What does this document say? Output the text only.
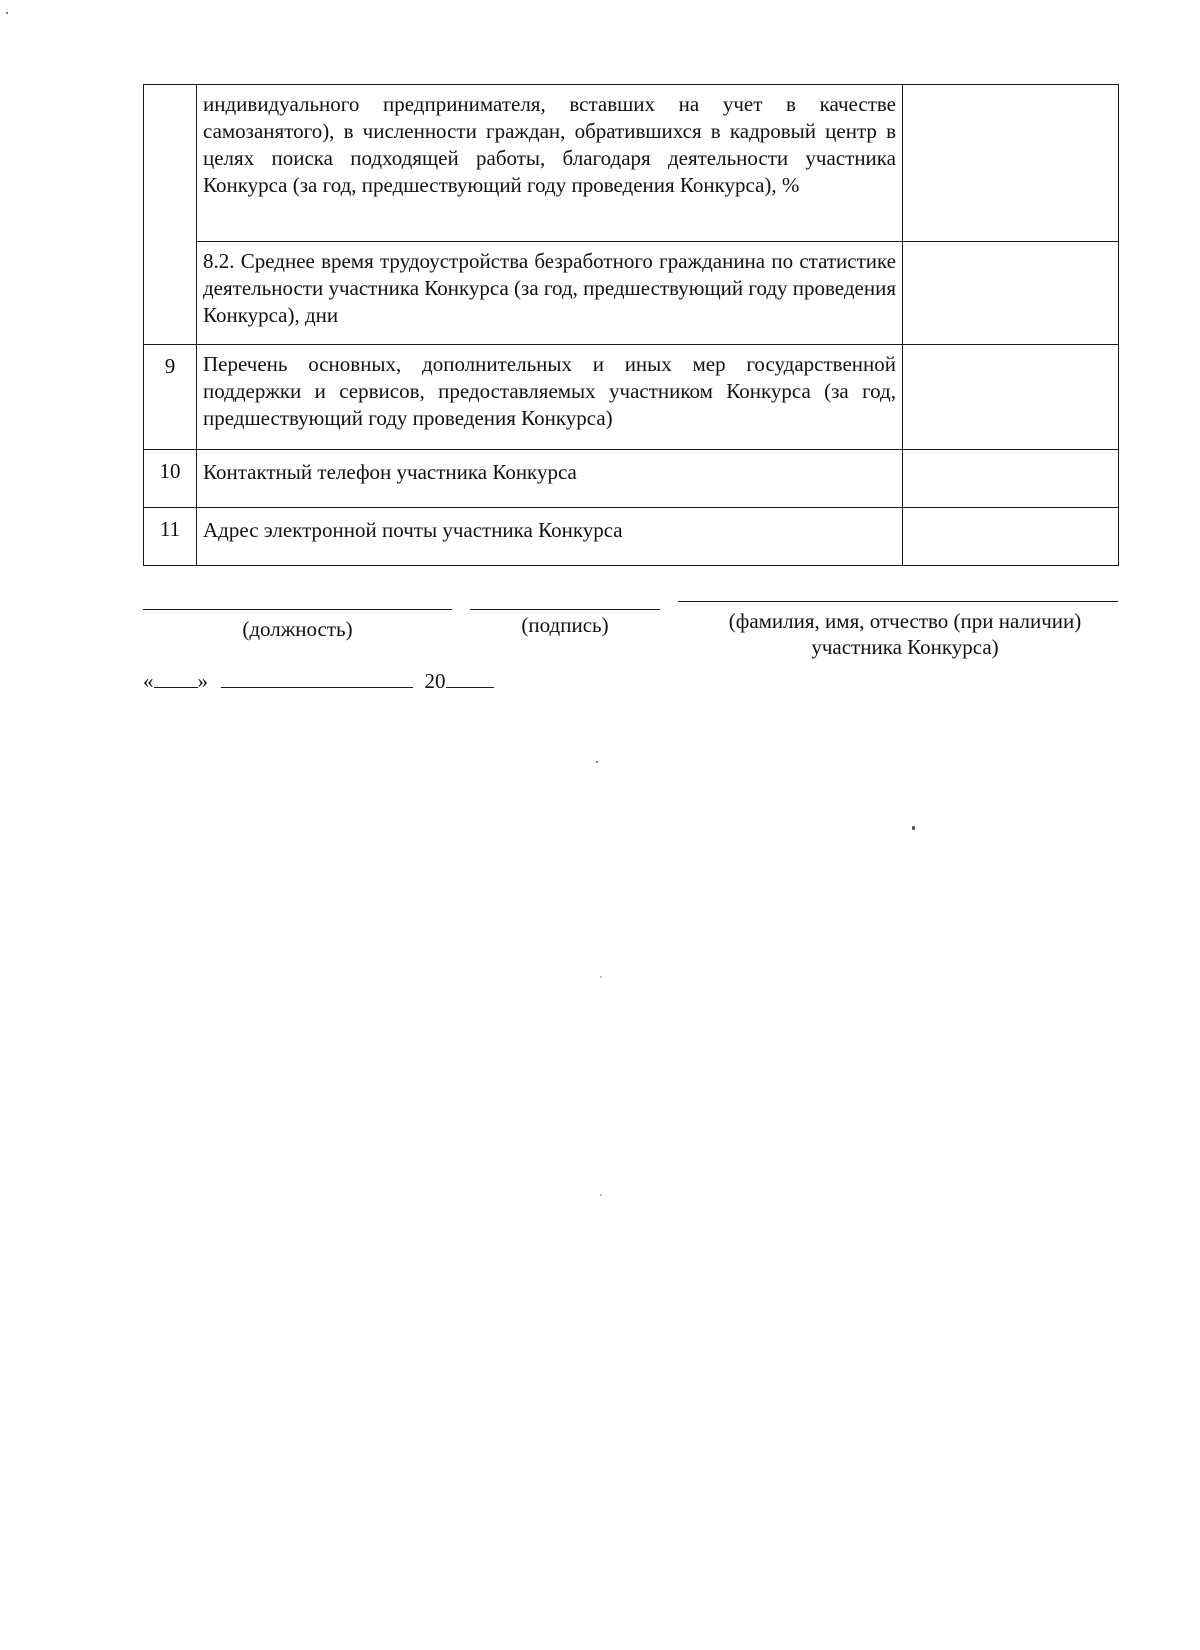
	индивидуального предпринимателя, вставших на учет в качестве самозанятого), в численности граждан, обратившихся в кадровый центр в целях поиска подходящей работы, благодаря деятельности участника Конкурса (за год, предшествующий году проведения Конкурса), %	
	8.2. Среднее время трудоустройства безработного гражданина по статистике деятельности участника Конкурса (за год, предшествующий году проведения Конкурса), дни	
9	Перечень основных, дополнительных и иных мер государственной поддержки и сервисов, предоставляемых участником Конкурса (за год, предшествующий году проведения Конкурса)	
10	Контактный телефон участника Конкурса	
11	Адрес электронной почты участника Конкурса	
(должность)	(подпись)	(фамилия, имя, отчество (при наличии) участника Конкурса)
« »	20
